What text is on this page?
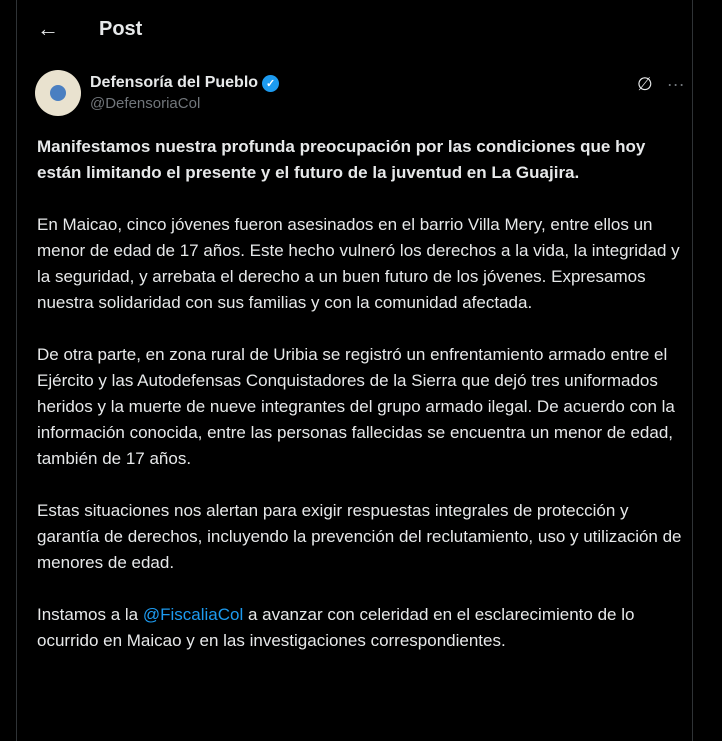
← Post
Defensoría del Pueblo ✓
@DefensoriaCol
∅ ···

Manifestamos nuestra profunda preocupación por las condiciones que hoy están limitando el presente y el futuro de la juventud en La Guajira.

En Maicao, cinco jóvenes fueron asesinados en el barrio Villa Mery, entre ellos un menor de edad de 17 años. Este hecho vulneró los derechos a la vida, la integridad y la seguridad, y arrebata el derecho a un buen futuro de los jóvenes. Expresamos nuestra solidaridad con sus familias y con la comunidad afectada.

De otra parte, en zona rural de Uribia se registró un enfrentamiento armado entre el Ejército y las Autodefensas Conquistadores de la Sierra que dejó tres uniformados heridos y la muerte de nueve integrantes del grupo armado ilegal. De acuerdo con la información conocida, entre las personas fallecidas se encuentra un menor de edad, también de 17 años.

Estas situaciones nos alertan para exigir respuestas integrales de protección y garantía de derechos, incluyendo la prevención del reclutamiento, uso y utilización de menores de edad.

Instamos a la @FiscaliaCol a avanzar con celeridad en el esclarecimiento de lo ocurrido en Maicao y en las investigaciones correspondientes.
